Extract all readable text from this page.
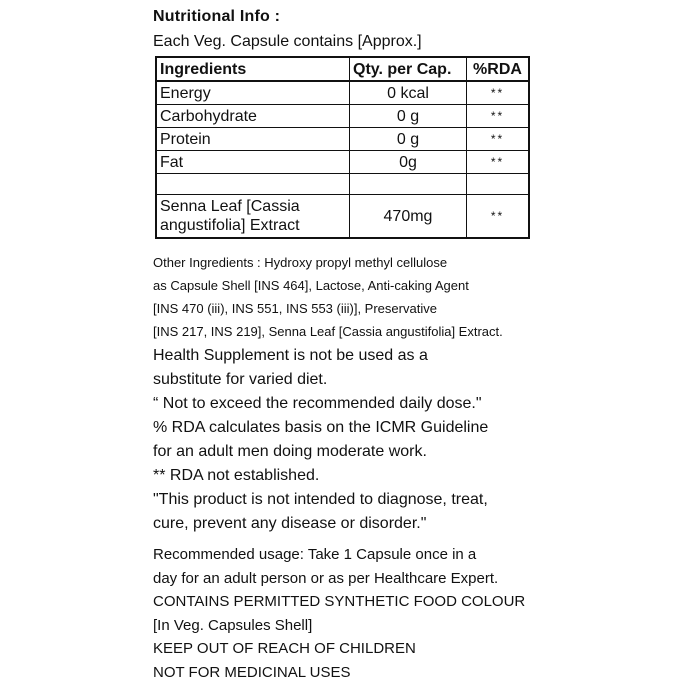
Nutritional Info :
Each Veg. Capsule contains [Approx.]
Ingredients	Qty. per Cap.	%RDA
Energy	0 kcal	**
Carbohydrate	0 g	**
Protein	0 g	**
Fat	0g	**

Senna Leaf [Cassia
angustifolia] Extract	470mg	**
Other Ingredients : Hydroxy propyl methyl cellulose
as Capsule Shell [INS 464], Lactose, Anti-caking Agent
[INS 470 (iii), INS 551, INS 553 (iii)], Preservative
[INS 217, INS 219], Senna Leaf [Cassia angustifolia] Extract.
Health Supplement is not be used as a
substitute for varied diet.
“ Not to exceed the recommended daily dose."
% RDA calculates basis on the ICMR Guideline
for an adult men doing moderate work.
** RDA not established.
"This product is not intended to diagnose, treat,
cure, prevent any disease or disorder."
Recommended usage: Take 1 Capsule once in a
day for an adult person or as per Healthcare Expert.
CONTAINS PERMITTED SYNTHETIC FOOD COLOUR
[In Veg. Capsules Shell]
KEEP OUT OF REACH OF CHILDREN
NOT FOR MEDICINAL USES
